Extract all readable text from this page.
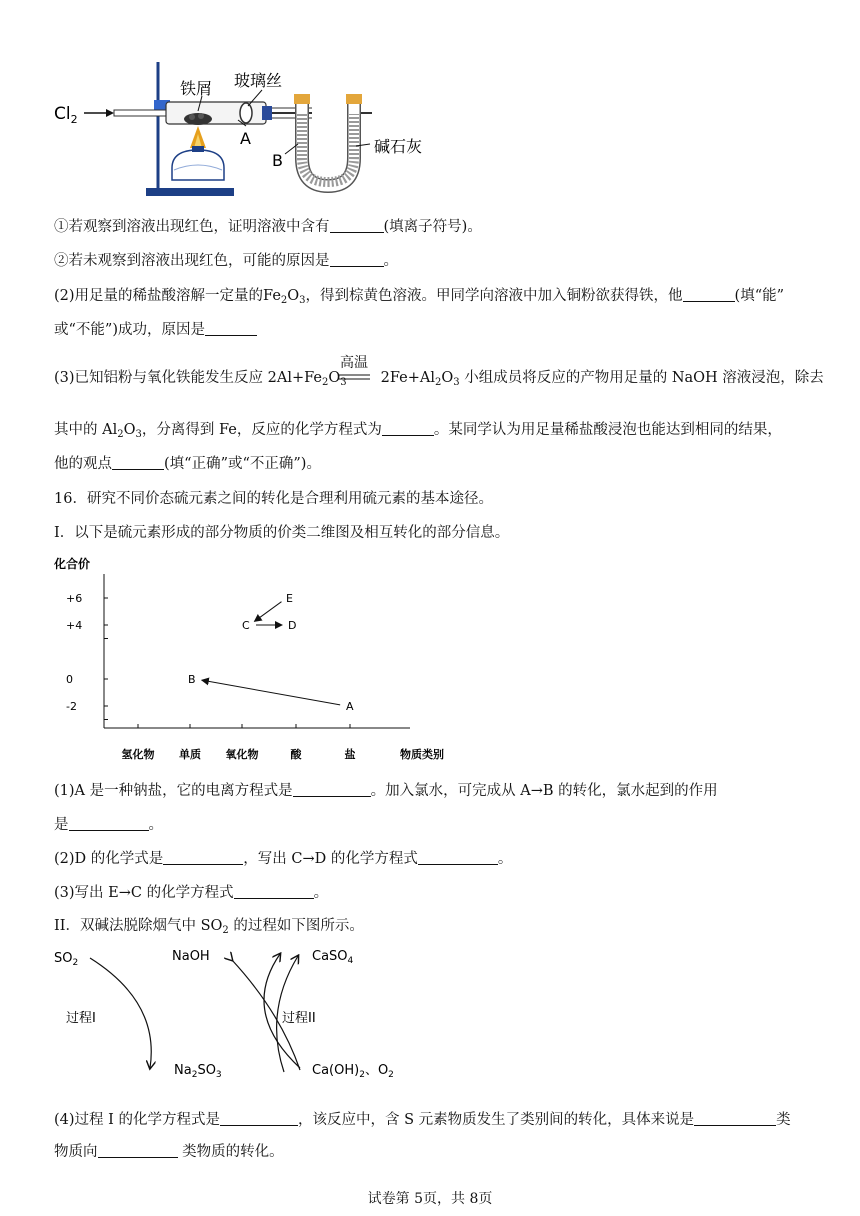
$Cl_2$
铁屑 玻璃丝
A
B
碱石灰
①若观察到溶液出现红色，证明溶液中含有	(填离子符号)。
②若未观察到溶液出现红色，可能的原因是	。
(2)用足量的稀盐酸溶解一定量的$Fe_2O_3$，得到棕黄色溶液。甲同学向溶液中加入铜粉欲获得铁，他	(填“能”
或“不能”)成功，原因是
高温
(3)已知铝粉与氧化铁能发生反应 $2Al+Fe_2O_3$ $2Fe+Al_2O_3$ 小组成员将反应的产物用足量的 NaOH 溶液浸泡，除去
其中的 $Al_2O_3$，分离得到 Fe，反应的化学方程式为	。某同学认为用足量稀盐酸浸泡也能达到相同的结果，
他的观点	(填“正确”或“不正确”)。
16．研究不同价态硫元素之间的转化是合理利用硫元素的基本途径。
I．以下是硫元素形成的部分物质的价类二维图及相互转化的部分信息。
化合价
+6
+4
0
-2
氢化物 单质 氧化物	酸	盐	物质类别
E
C	D
B
A
(1)A 是一种钠盐，它的电离方程式是	。加入氯水，可完成从 A→B 的转化，氯水起到的作用
是	。
(2)D 的化学式是	，写出 C→D 的化学方程式	。
(3)写出 E→C 的化学方程式	。
II．双碱法脱除烟气中 $SO_2$ 的过程如下图所示。
$SO_2$	NaOH
$Na_2SO_3$
CaSO$_4$
$Ca(OH)_2$、$O_2$
过程I	过程II
(4)过程 I 的化学方程式是	，该反应中，含 S 元素物质发生了类别间的转化，具体来说是	类
物质向	类物质的转化。
试卷第 5页，共 8页
